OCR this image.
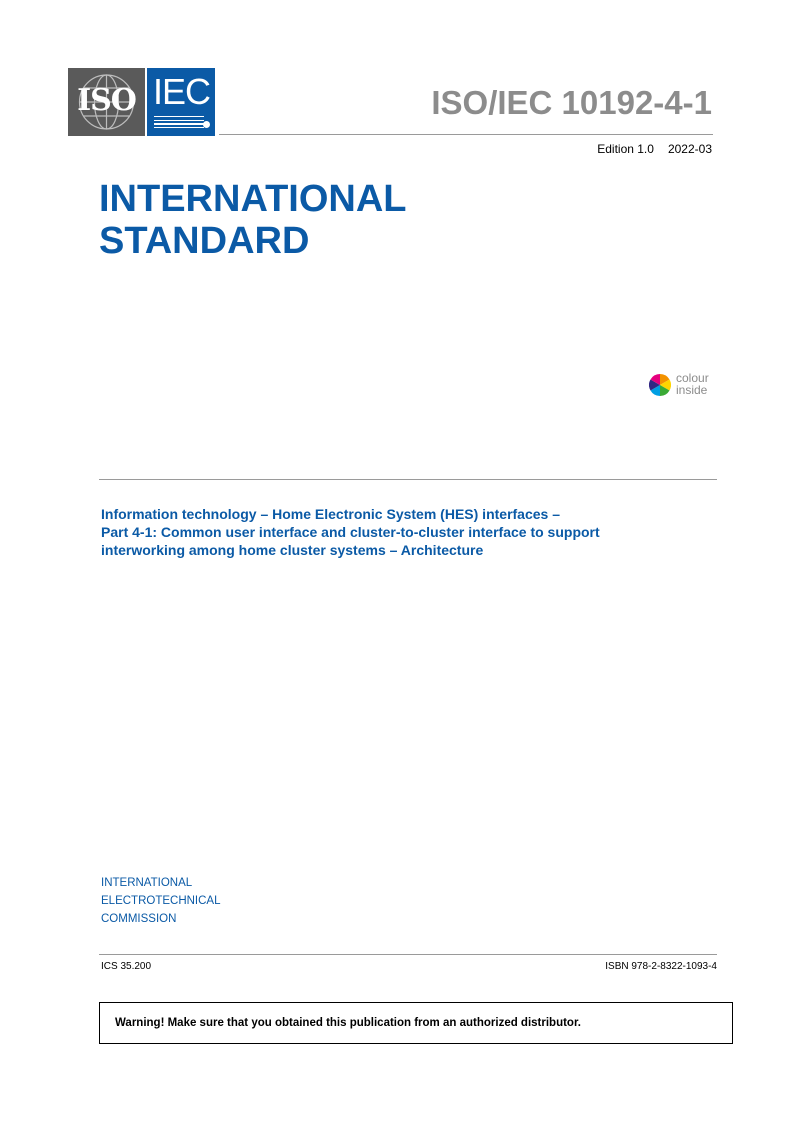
ISO IEC	ISO/IEC 10192-4-1
Edition 1.0 2022-03
INTERNATIONAL
STANDARD
colour
inside
Information technology – Home Electronic System (HES) interfaces –
Part 4-1: Common user interface and cluster-to-cluster interface to support
interworking among home cluster systems – Architecture
INTERNATIONAL
ELECTROTECHNICAL
COMMISSION
ICS 35.200	ISBN 978-2-8322-1093-4
Warning! Make sure that you obtained this publication from an authorized distributor.
